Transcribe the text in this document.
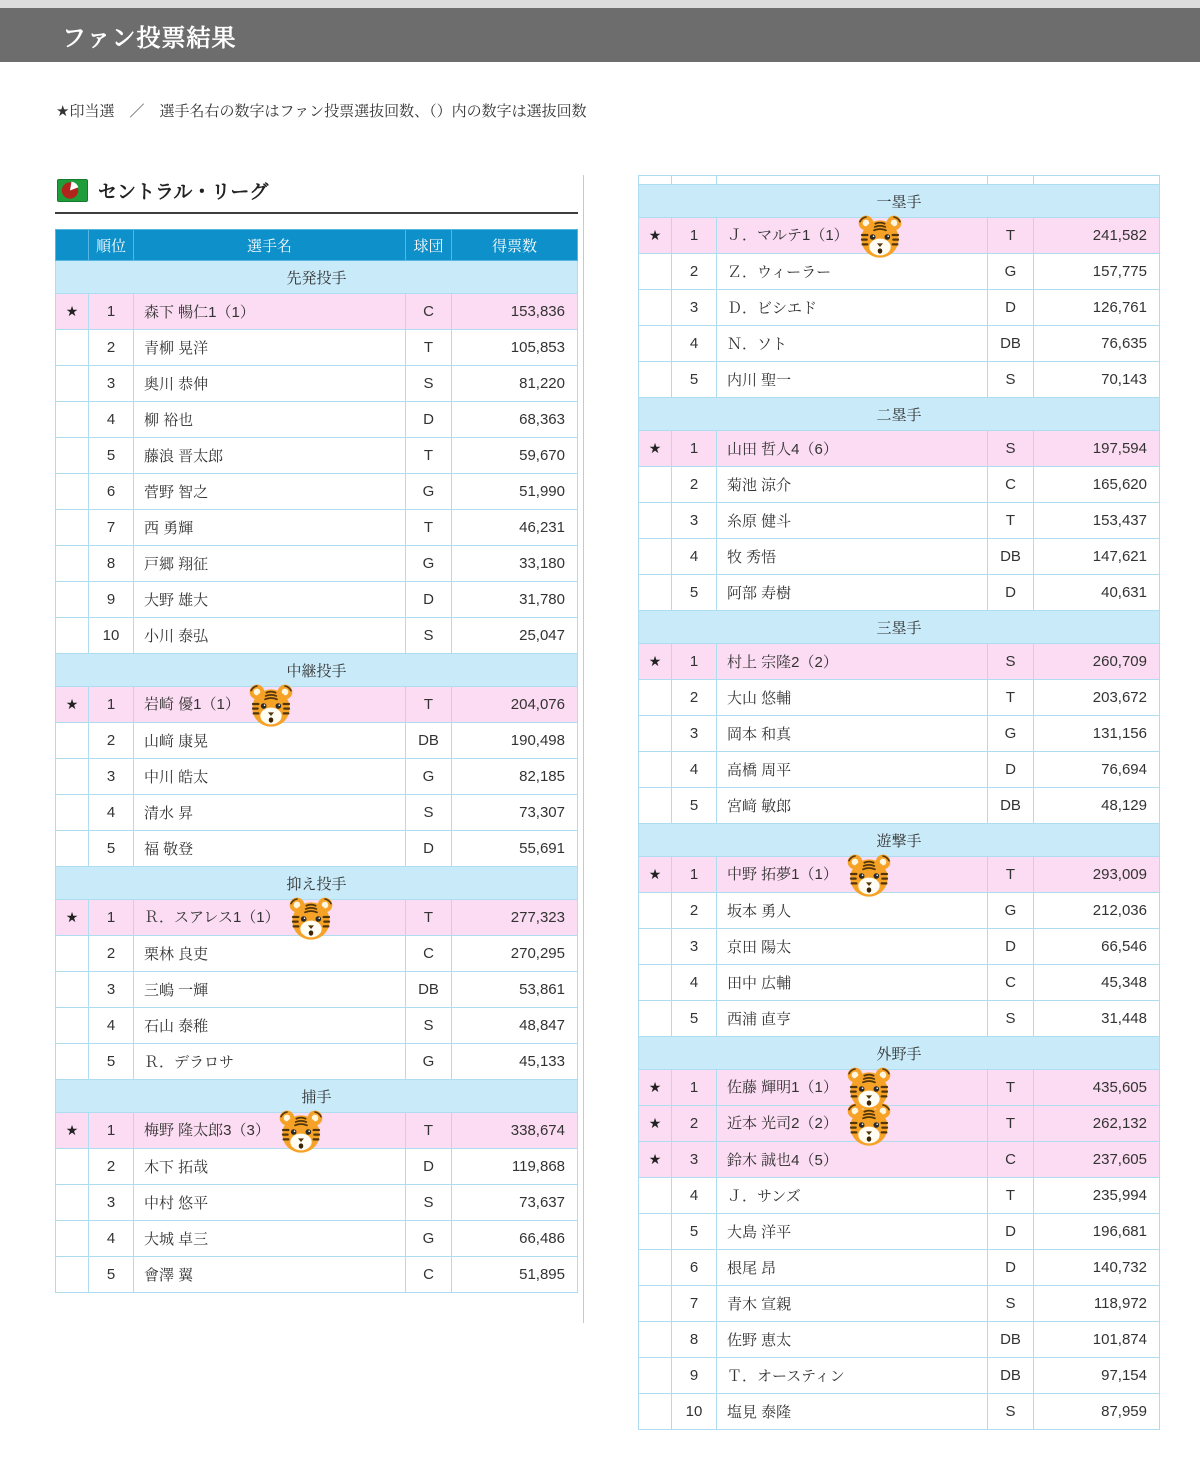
ファン投票結果
★印当選　／　選手名右の数字はファン投票選抜回数、（）内の数字は選抜回数
セントラル・リーグ
	順位	選手名	球団	得票数
先発投手				
★	1	森下 暢仁1（1）	C	153,836
	2	青柳 晃洋	T	105,853
	3	奥川 恭伸	S	81,220
	4	柳 裕也	D	68,363
	5	藤浪 晋太郎	T	59,670
	6	菅野 智之	G	51,990
	7	西 勇輝	T	46,231
	8	戸郷 翔征	G	33,180
	9	大野 雄大	D	31,780
	10	小川 泰弘	S	25,047
中継投手				
★	1	岩崎 優1（1）	T	204,076
	2	山﨑 康晃	DB	190,498
	3	中川 皓太	G	82,185
	4	清水 昇	S	73,307
	5	福 敬登	D	55,691
抑え投手				
★	1	Ｒ．スアレス1（1）	T	277,323
	2	栗林 良吏	C	270,295
	3	三嶋 一輝	DB	53,861
	4	石山 泰稚	S	48,847
	5	Ｒ．デラロサ	G	45,133
捕手				
★	1	梅野 隆太郎3（3）	T	338,674
	2	木下 拓哉	D	119,868
	3	中村 悠平	S	73,637
	4	大城 卓三	G	66,486
	5	會澤 翼	C	51,895

一塁手				
★	1	Ｊ．マルテ1（1）	T	241,582
	2	Ｚ．ウィーラー	G	157,775
	3	Ｄ．ビシエド	D	126,761
	4	Ｎ．ソト	DB	76,635
	5	内川 聖一	S	70,143
二塁手				
★	1	山田 哲人4（6）	S	197,594
	2	菊池 涼介	C	165,620
	3	糸原 健斗	T	153,437
	4	牧 秀悟	DB	147,621
	5	阿部 寿樹	D	40,631
三塁手				
★	1	村上 宗隆2（2）	S	260,709
	2	大山 悠輔	T	203,672
	3	岡本 和真	G	131,156
	4	高橋 周平	D	76,694
	5	宮﨑 敏郎	DB	48,129
遊撃手				
★	1	中野 拓夢1（1）	T	293,009
	2	坂本 勇人	G	212,036
	3	京田 陽太	D	66,546
	4	田中 広輔	C	45,348
	5	西浦 直亨	S	31,448
外野手				
★	1	佐藤 輝明1（1）	T	435,605
★	2	近本 光司2（2）	T	262,132
★	3	鈴木 誠也4（5）	C	237,605
	4	Ｊ．サンズ	T	235,994
	5	大島 洋平	D	196,681
	6	根尾 昂	D	140,732
	7	青木 宣親	S	118,972
	8	佐野 恵太	DB	101,874
	9	Ｔ．オースティン	DB	97,154
	10	塩見 泰隆	S	87,959
